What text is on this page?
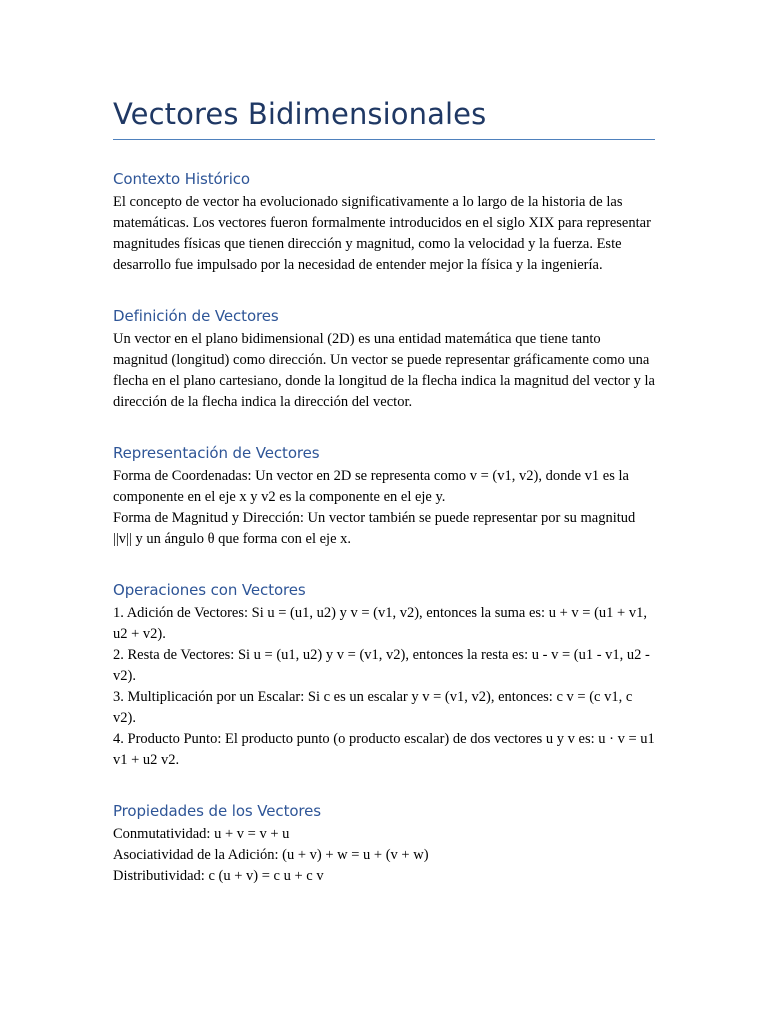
Vectores Bidimensionales
Contexto Histórico

El concepto de vector ha evolucionado significativamente a lo largo de la historia de las matemáticas. Los vectores fueron formalmente introducidos en el siglo XIX para representar magnitudes físicas que tienen dirección y magnitud, como la velocidad y la fuerza. Este desarrollo fue impulsado por la necesidad de entender mejor la física y la ingeniería.

Definición de Vectores

Un vector en el plano bidimensional (2D) es una entidad matemática que tiene tanto magnitud (longitud) como dirección. Un vector se puede representar gráficamente como una flecha en el plano cartesiano, donde la longitud de la flecha indica la magnitud del vector y la dirección de la flecha indica la dirección del vector.

Representación de Vectores

Forma de Coordenadas: Un vector en 2D se representa como v = (v1, v2), donde v1 es la componente en el eje x y v2 es la componente en el eje y.

Forma de Magnitud y Dirección: Un vector también se puede representar por su magnitud ||v|| y un ángulo θ que forma con el eje x.

Operaciones con Vectores

1. Adición de Vectores: Si u = (u1, u2) y v = (v1, v2), entonces la suma es: u + v = (u1 + v1, u2 + v2).

2. Resta de Vectores: Si u = (u1, u2) y v = (v1, v2), entonces la resta es: u - v = (u1 - v1, u2 - v2).

3. Multiplicación por un Escalar: Si c es un escalar y v = (v1, v2), entonces: c v = (c v1, c v2).

4. Producto Punto: El producto punto (o producto escalar) de dos vectores u y v es: u · v = u1 v1 + u2 v2.

Propiedades de los Vectores

Conmutatividad: u + v = v + u

Asociatividad de la Adición: (u + v) + w = u + (v + w)

Distributividad: c (u + v) = c u + c v
